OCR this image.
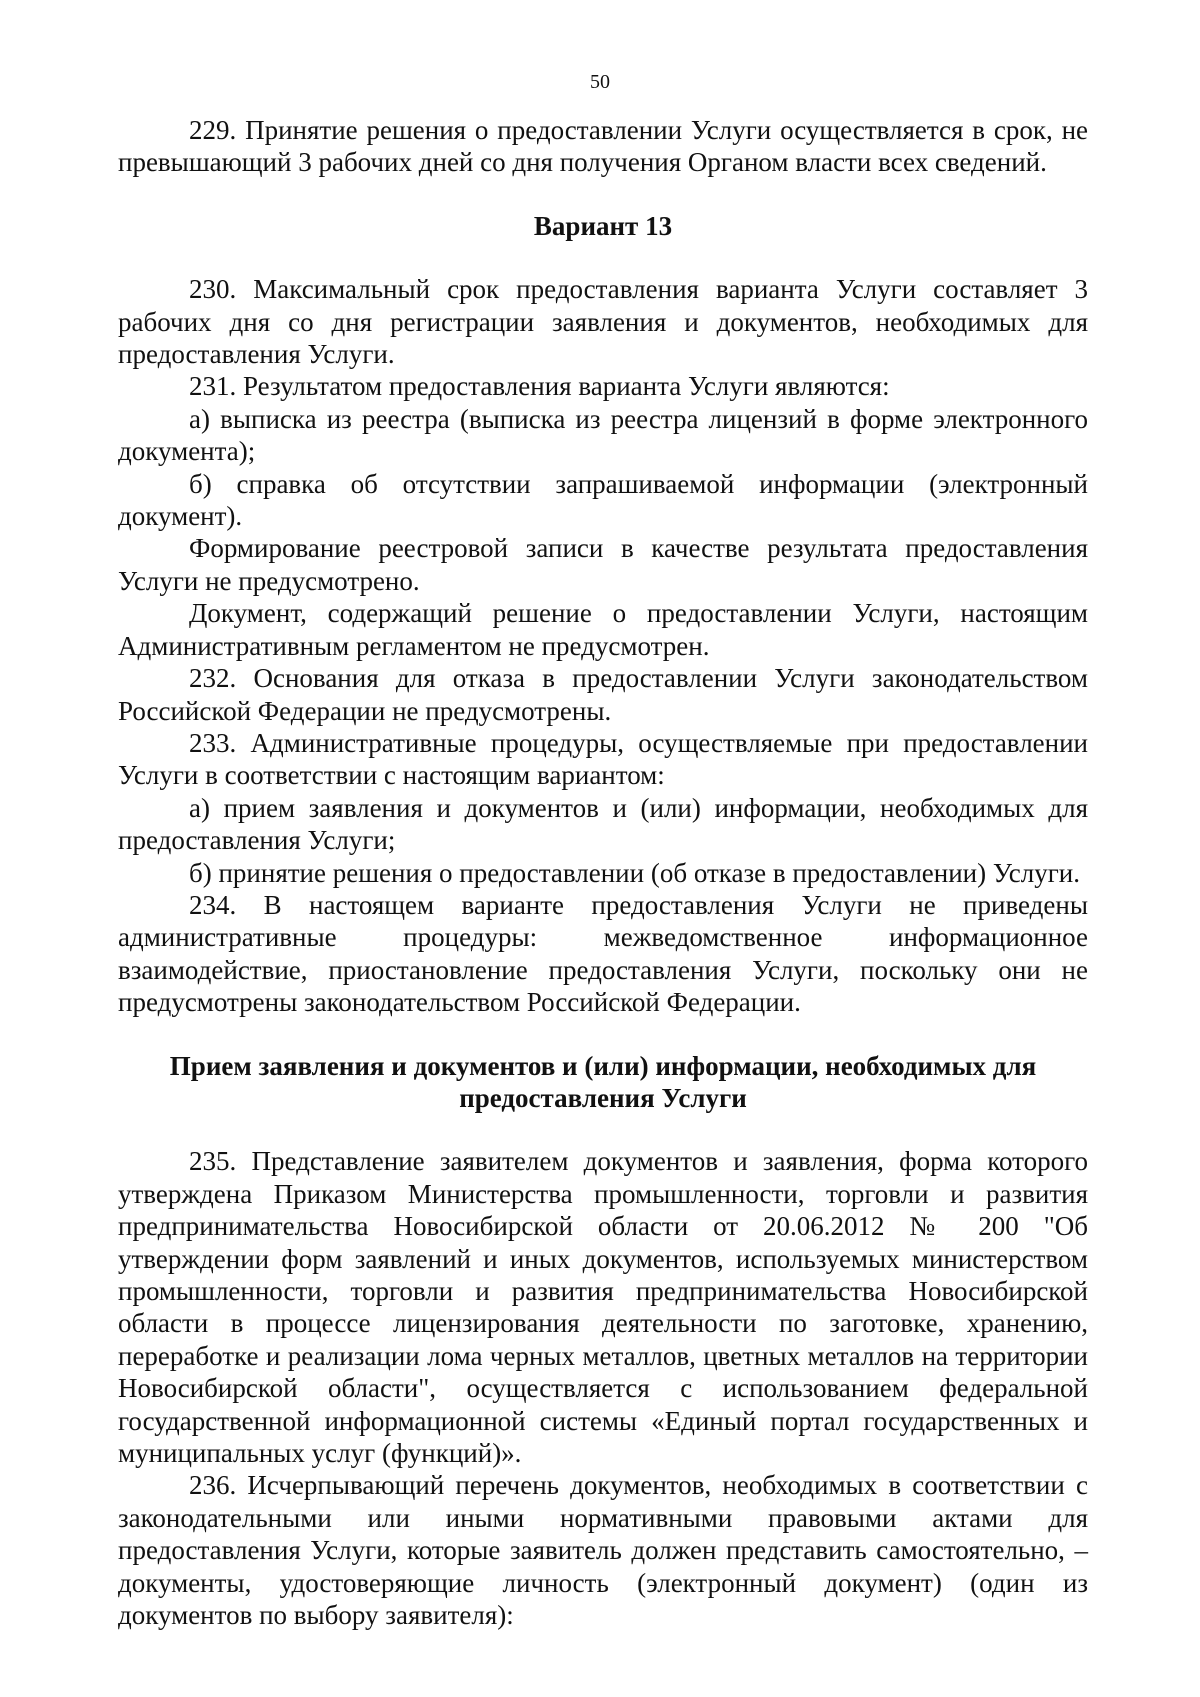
50

229. Принятие решения о предоставлении Услуги осуществляется в срок, не превышающий 3 рабочих дней со дня получения Органом власти всех сведений.

Вариант 13

230. Максимальный срок предоставления варианта Услуги составляет 3 рабочих дня со дня регистрации заявления и документов, необходимых для предоставления Услуги.

231. Результатом предоставления варианта Услуги являются:

а) выписка из реестра (выписка из реестра лицензий в форме электронного документа);

б) справка об отсутствии запрашиваемой информации (электронный документ).

Формирование реестровой записи в качестве результата предоставления Услуги не предусмотрено.

Документ, содержащий решение о предоставлении Услуги, настоящим Административным регламентом не предусмотрен.

232. Основания для отказа в предоставлении Услуги законодательством Российской Федерации не предусмотрены.

233. Административные процедуры, осуществляемые при предоставлении Услуги в соответствии с настоящим вариантом:

а) прием заявления и документов и (или) информации, необходимых для предоставления Услуги;

б) принятие решения о предоставлении (об отказе в предоставлении) Услуги.

234. В настоящем варианте предоставления Услуги не приведены административные процедуры: межведомственное информационное взаимодействие, приостановление предоставления Услуги, поскольку они не предусмотрены законодательством Российской Федерации.

Прием заявления и документов и (или) информации, необходимых для
предоставления Услуги

235. Представление заявителем документов и заявления, форма которого утверждена Приказом Министерства промышленности, торговли и развития предпринимательства Новосибирской области от 20.06.2012 № 200 "Об утверждении форм заявлений и иных документов, используемых министерством промышленности, торговли и развития предпринимательства Новосибирской области в процессе лицензирования деятельности по заготовке, хранению, переработке и реализации лома черных металлов, цветных металлов на территории Новосибирской области", осуществляется с использованием федеральной государственной информационной системы «Единый портал государственных и муниципальных услуг (функций)».

236. Исчерпывающий перечень документов, необходимых в соответствии с законодательными или иными нормативными правовыми актами для предоставления Услуги, которые заявитель должен представить самостоятельно, – документы, удостоверяющие личность (электронный документ) (один из документов по выбору заявителя):
